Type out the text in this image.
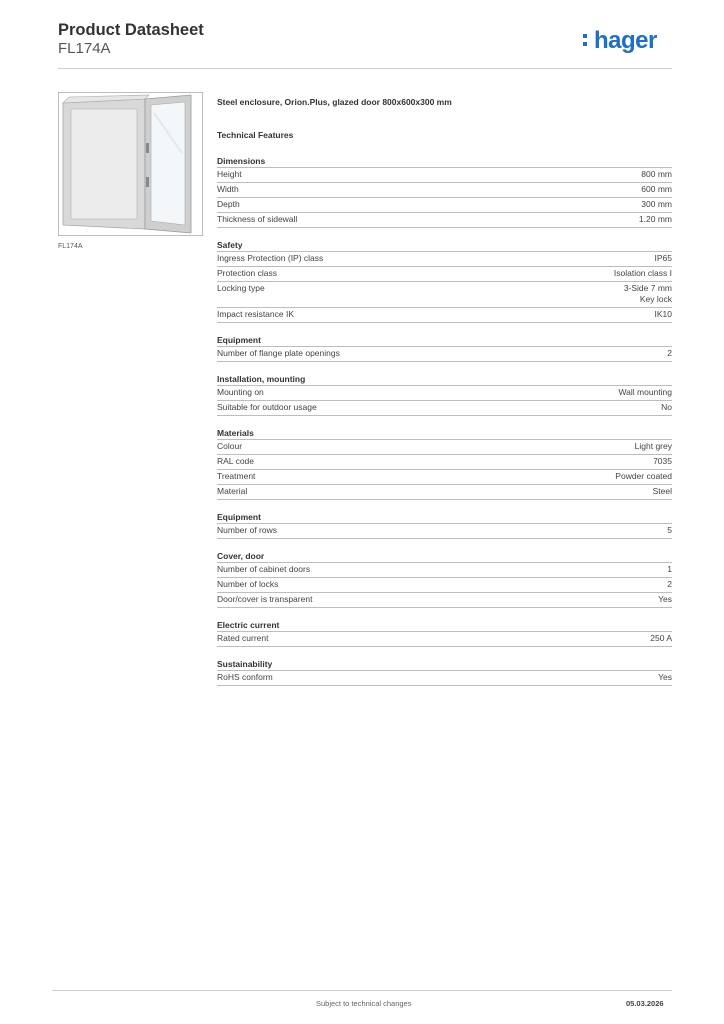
Product Datasheet
FL174A	hager
FL174A
Steel enclosure, Orion.Plus, glazed door 800x600x300 mm
Technical Features
Dimensions
Height	800 mm
Width	600 mm
Depth	300 mm
Thickness of sidewall	1.20 mm
Safety
Ingress Protection (IP) class	IP65
Protection class	Isolation class I
Locking type	3-Side 7 mm
Key lock
Impact resistance IK	IK10
Equipment
Number of flange plate openings	2
Installation, mounting
Mounting on	Wall mounting
Suitable for outdoor usage	No
Materials
Colour	Light grey
RAL code	7035
Treatment	Powder coated
Material	Steel
Equipment
Number of rows	5
Cover, door
Number of cabinet doors	1
Number of locks	2
Door/cover is transparent	Yes
Electric current
Rated current	250 A
Sustainability
RoHS conform	Yes
Subject to technical changes	05.03.2026
